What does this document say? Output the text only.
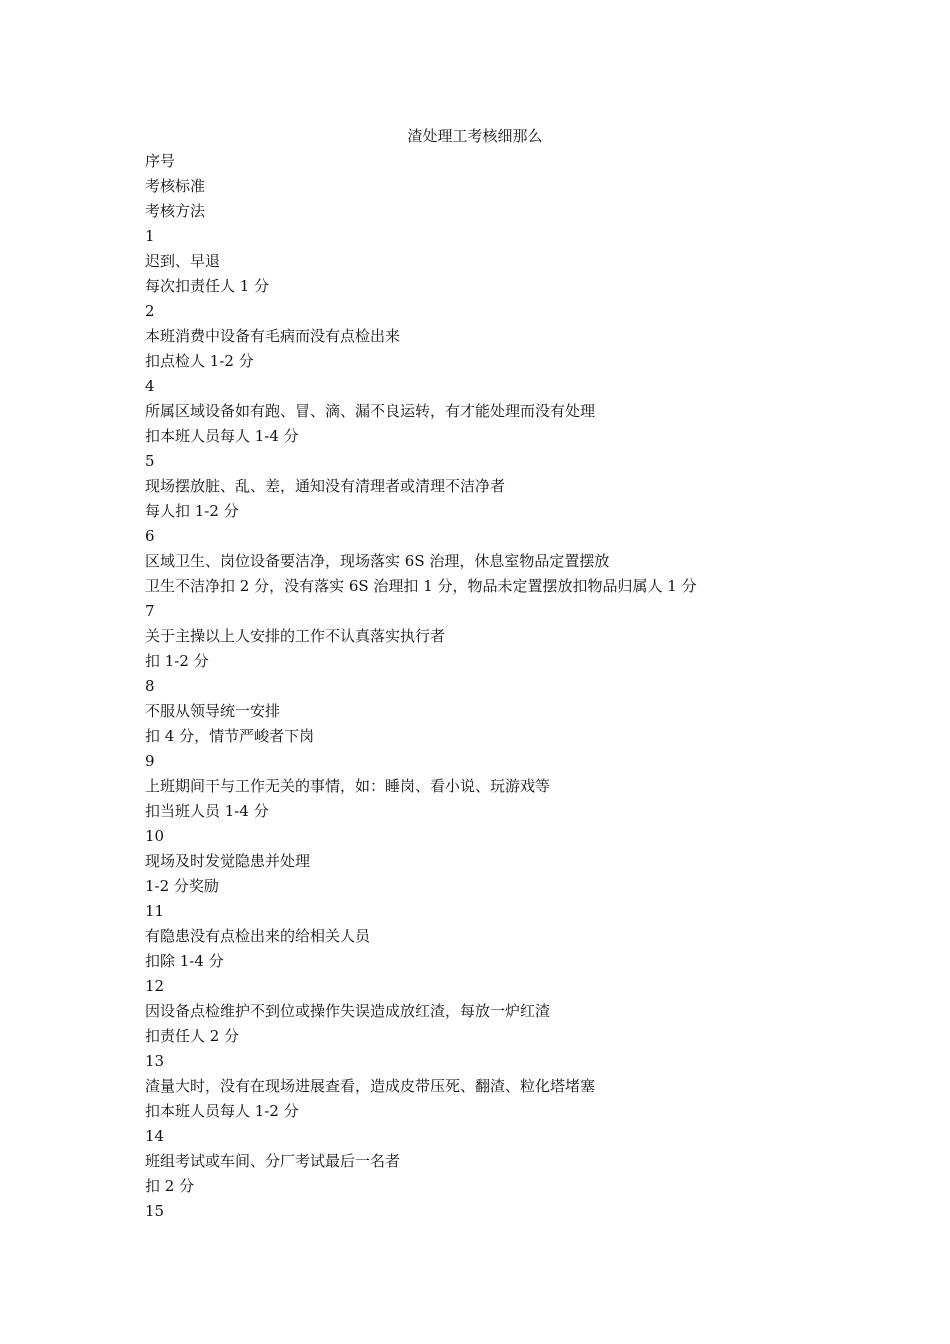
渣处理工考核细那么
序号
考核标准
考核方法
1
迟到、早退
每次扣责任人 1 分
2
本班消费中设备有毛病而没有点检出来
扣点检人 1-2 分
4
所属区域设备如有跑、冒、滴、漏不良运转，有才能处理而没有处理
扣本班人员每人 1-4 分
5
现场摆放脏、乱、差，通知没有清理者或清理不洁净者
每人扣 1-2 分
6
区域卫生、岗位设备要洁净，现场落实 6S 治理，休息室物品定置摆放
卫生不洁净扣 2 分，没有落实 6S 治理扣 1 分，物品未定置摆放扣物品归属人 1 分
7
关于主操以上人安排的工作不认真落实执行者
扣 1-2 分
8
不服从领导统一安排
扣 4 分，情节严峻者下岗
9
上班期间干与工作无关的事情，如：睡岗、看小说、玩游戏等
扣当班人员 1-4 分
10
现场及时发觉隐患并处理
1-2 分奖励
11
有隐患没有点检出来的给相关人员
扣除 1-4 分
12
因设备点检维护不到位或操作失误造成放红渣，每放一炉红渣
扣责任人 2 分
13
渣量大时，没有在现场进展查看，造成皮带压死、翻渣、粒化塔堵塞
扣本班人员每人 1-2 分
14
班组考试或车间、分厂考试最后一名者
扣 2 分
15
